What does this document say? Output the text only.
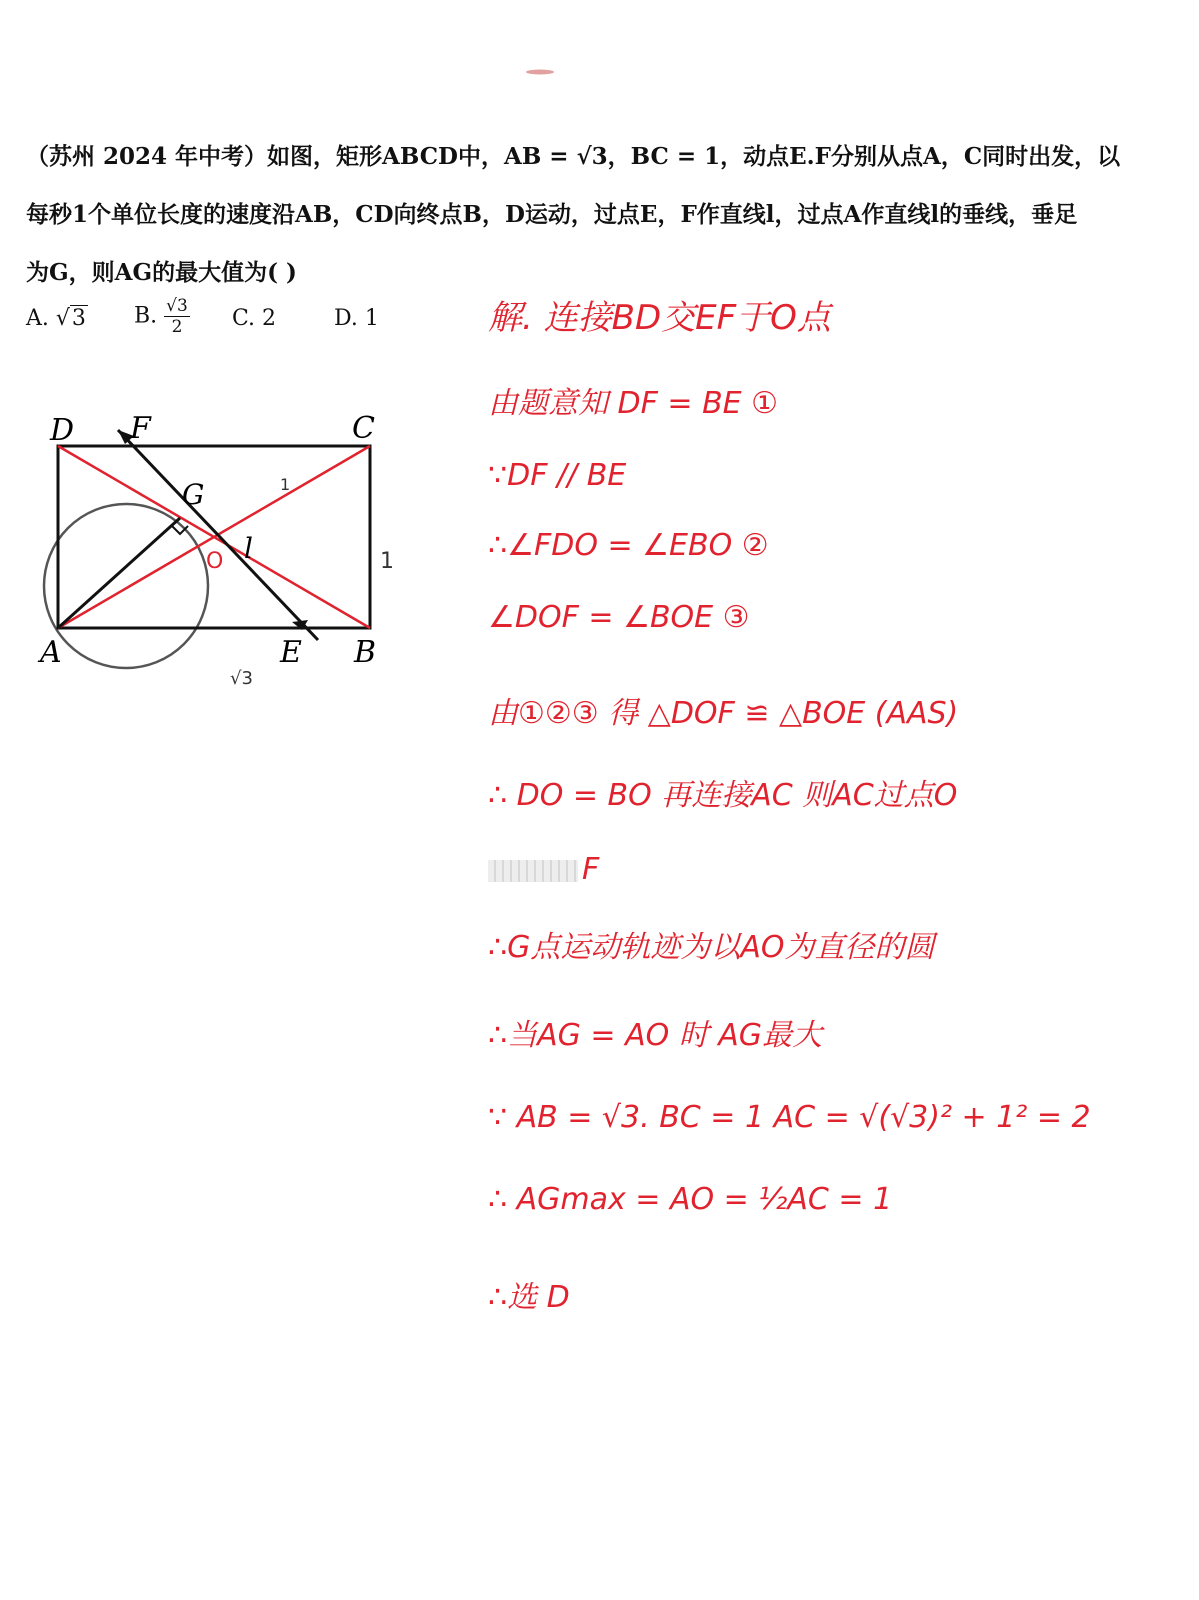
（苏州 2024 年中考）如图，矩形ABCD中，AB = √3，BC = 1，动点E.F分别从点A，C同时出发，以
每秒1个单位长度的速度沿AB，CD向终点B，D运动，过点E，F作直线l，过点A作直线l的垂线，垂足
为G，则AG的最大值为( )
A. √3 B. $\frac{√3}{2} C$. 2	D. 1
D F	C
G
O l
A	E B
1
1
√3
解. 连接BD交EF于O点
由题意知 DF = BE ①
∵DF // BE
∴∠FDO = ∠EBO ②
∠DOF = ∠BOE ③
由①②③ 得 △DOF ≌ △BOE (AAS)
∴ DO = BO 再连接AC 则AC过点O
F
∴G点运动轨迹为以AO为直径的圆
∴当AG = AO 时 AG最大
∵ AB = √3. BC = 1 AC = √(√3)² + 1² = 2
∴ AGmax = AO = ½AC = 1
∴选 D
